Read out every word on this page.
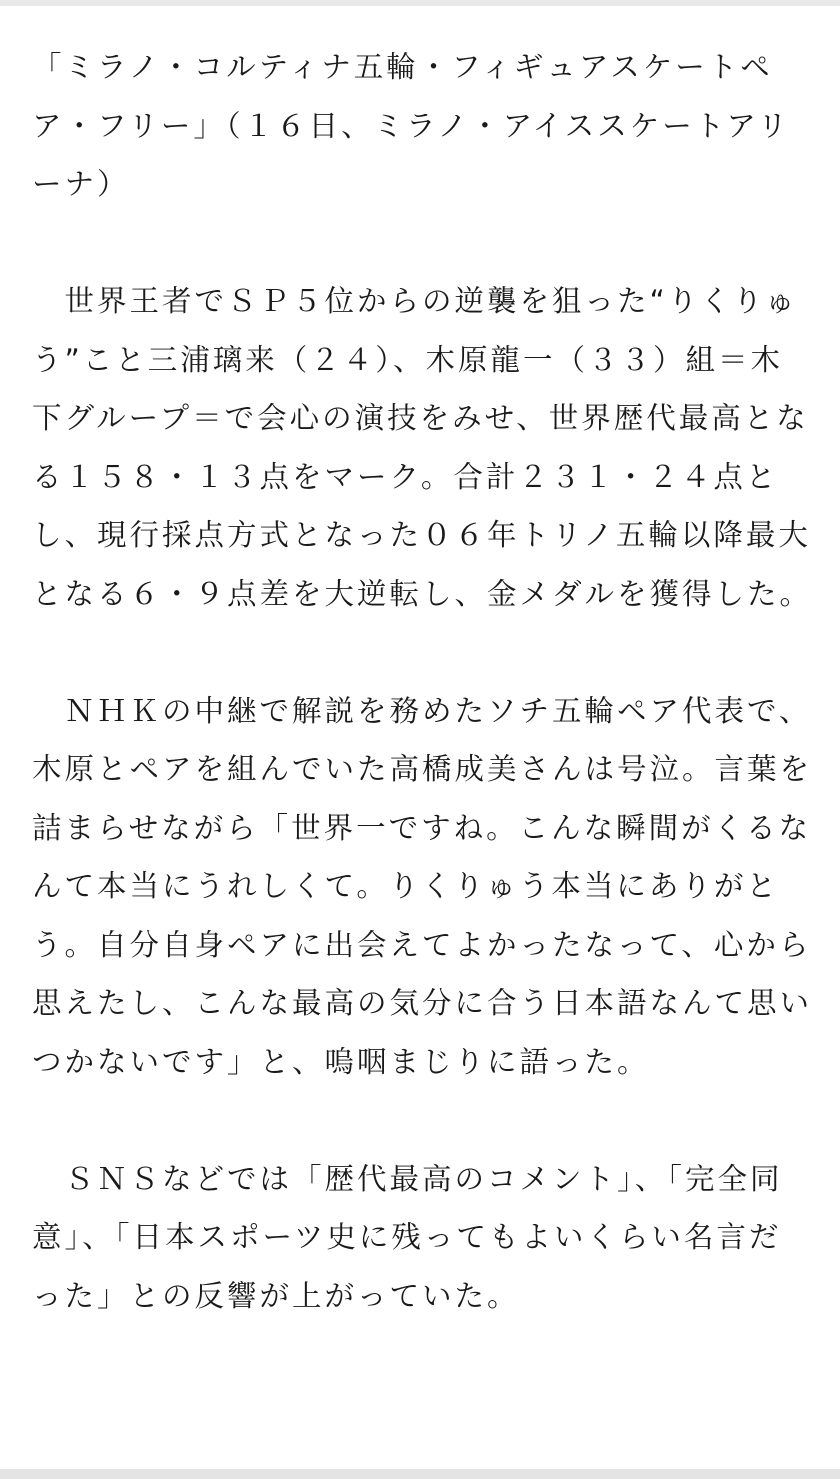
「ミラノ・コルティナ五輪・フィギュアスケートペア・フリー」（１６日、ミラノ・アイススケートアリーナ）

　世界王者でＳＰ５位からの逆襲を狙った“りくりゅう”こと三浦璃来（２４）、木原龍一（３３）組＝木下グループ＝で会心の演技をみせ、世界歴代最高となる１５８・１３点をマーク。合計２３１・２４点とし、現行採点方式となった０６年トリノ五輪以降最大となる６・９点差を大逆転し、金メダルを獲得した。

　ＮＨＫの中継で解説を務めたソチ五輪ペア代表で、木原とペアを組んでいた高橋成美さんは号泣。言葉を詰まらせながら「世界一ですね。こんな瞬間がくるなんて本当にうれしくて。りくりゅう本当にありがとう。自分自身ペアに出会えてよかったなって、心から思えたし、こんな最高の気分に合う日本語なんて思いつかないです」と、嗚咽まじりに語った。

　ＳＮＳなどでは「歴代最高のコメント」、「完全同意」、「日本スポーツ史に残ってもよいくらい名言だった」との反響が上がっていた。
